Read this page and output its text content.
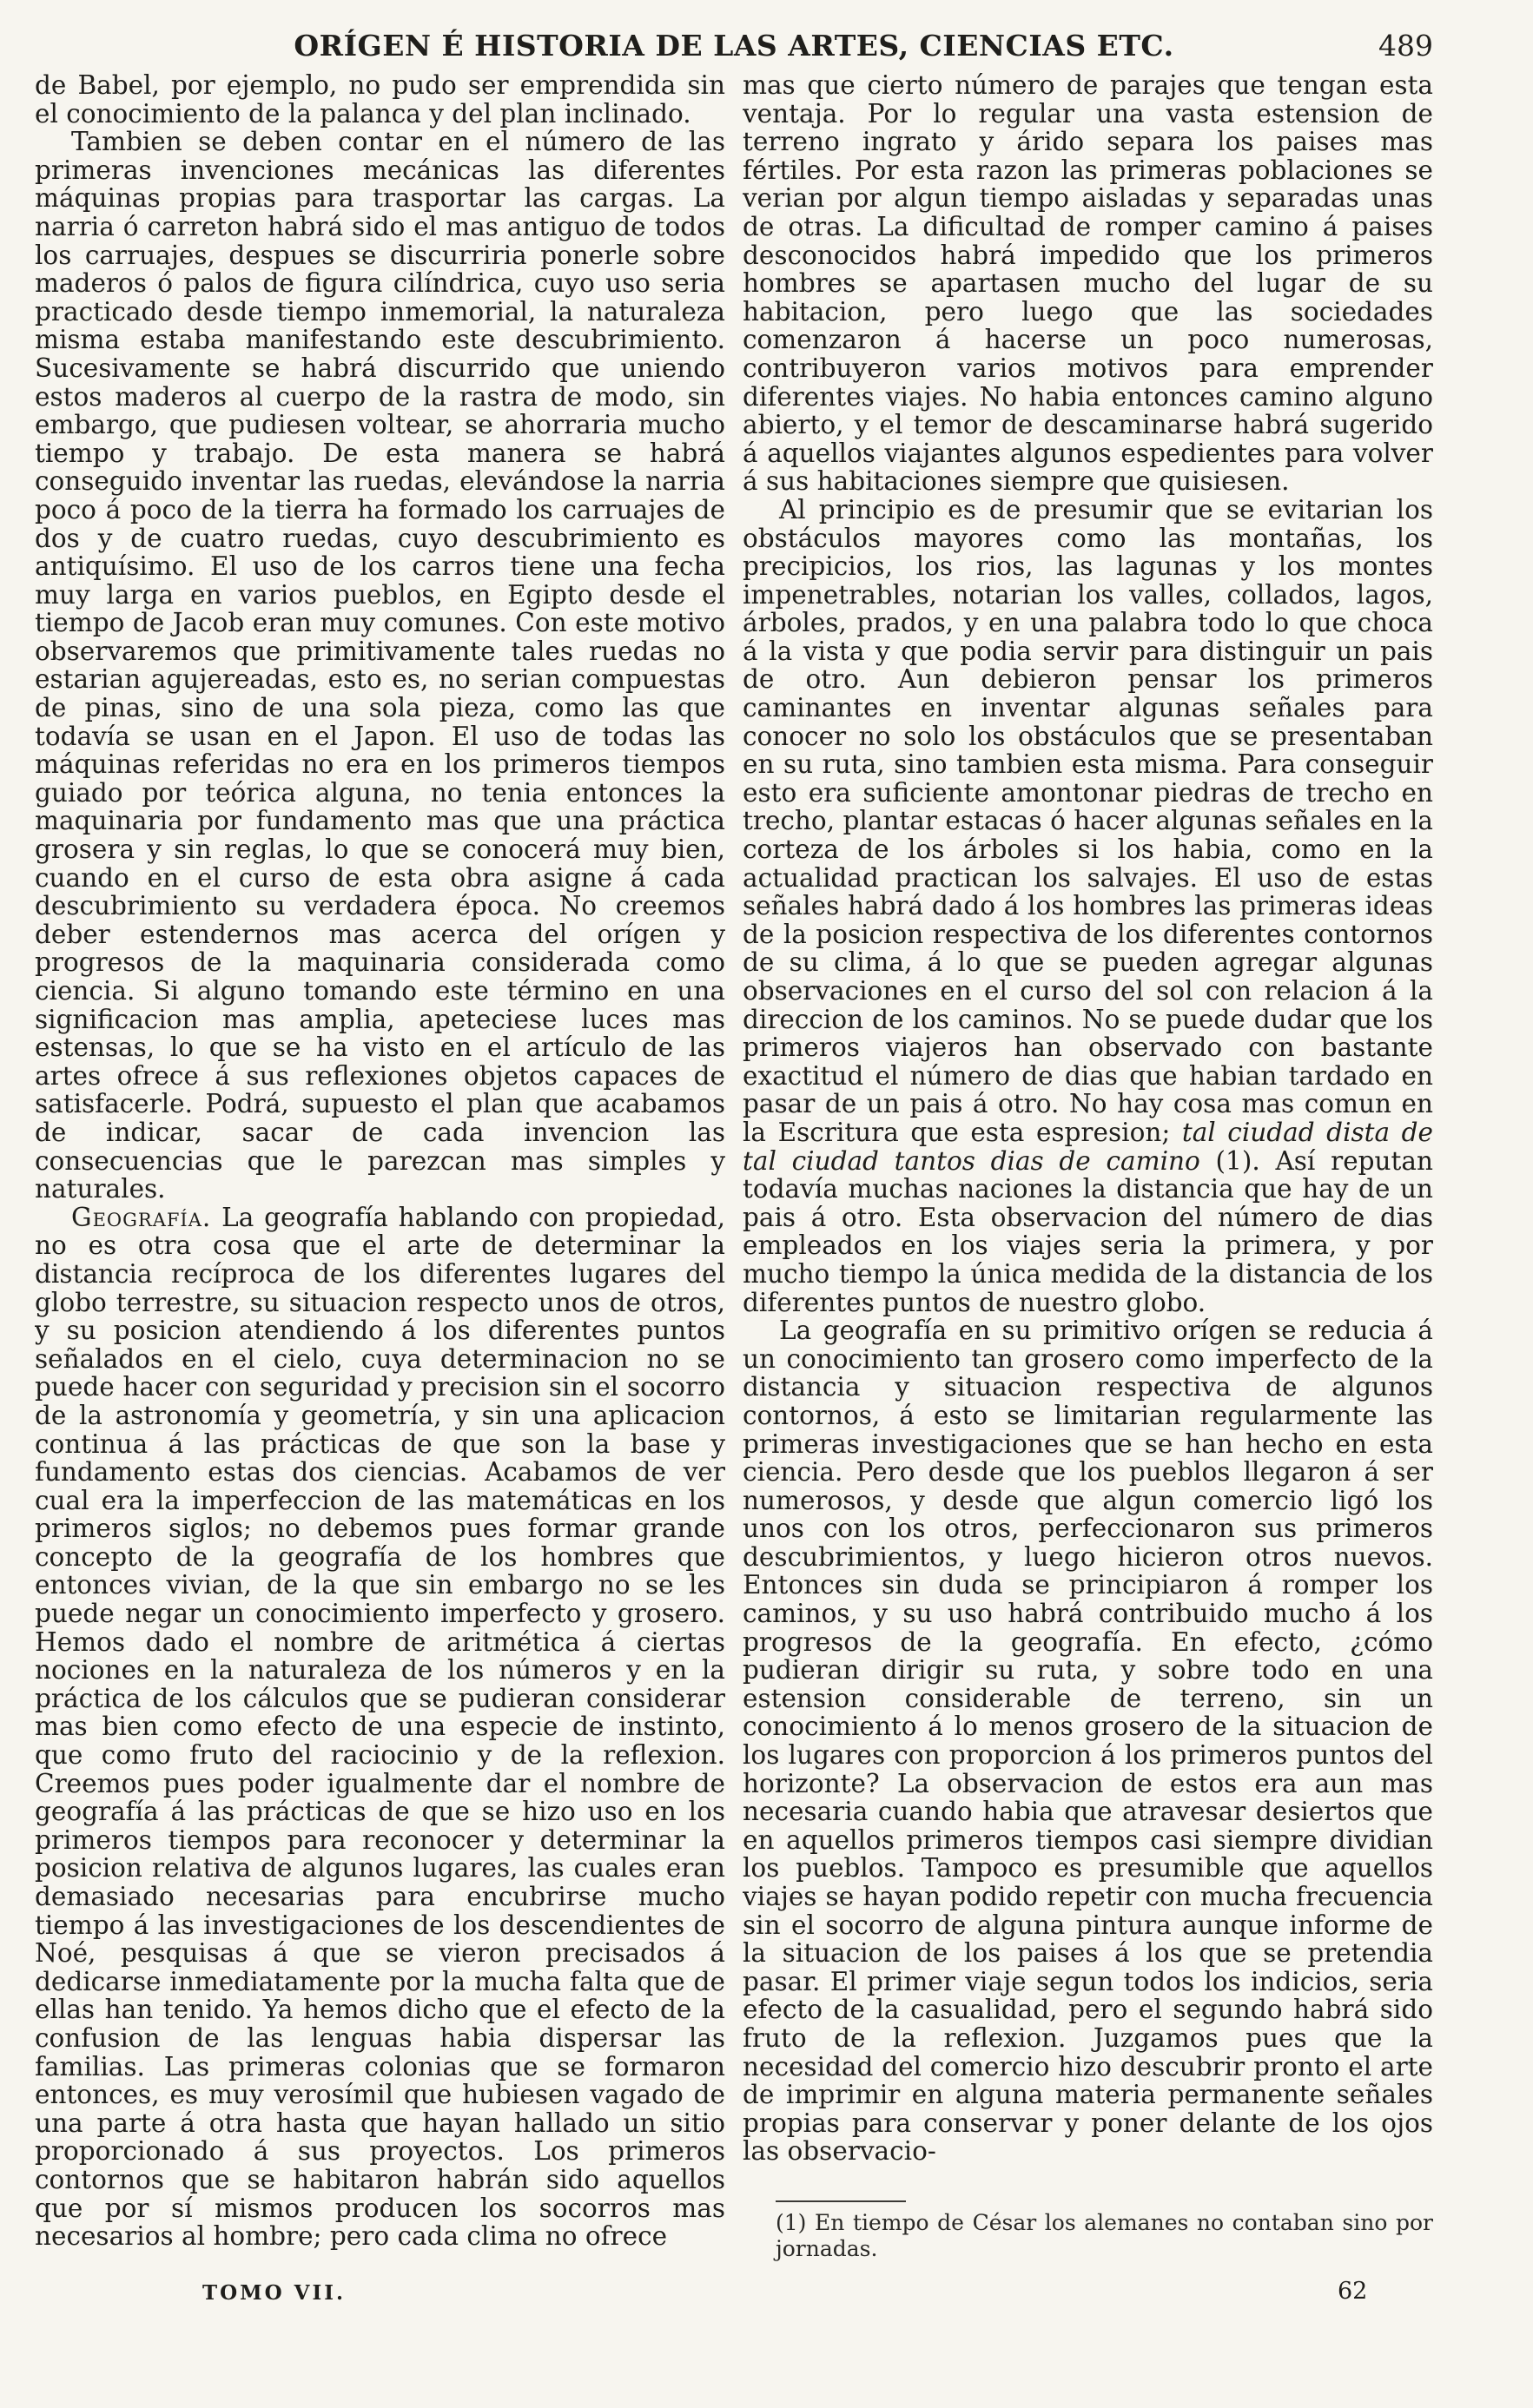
ORÍGEN É HISTORIA DE LAS ARTES, CIENCIAS ETC.	489

de Babel, por ejemplo, no pudo ser emprendida sin el conocimiento de la palanca y del plan inclinado.

Tambien se deben contar en el número de las primeras invenciones mecánicas las diferentes máquinas propias para trasportar las cargas. La narria ó carreton habrá sido el mas antiguo de todos los carruajes, despues se discurriria ponerle sobre maderos ó palos de figura cilíndrica, cuyo uso seria practicado desde tiempo inmemorial, la naturaleza misma estaba manifestando este descubrimiento. Sucesivamente se habrá discurrido que uniendo estos maderos al cuerpo de la rastra de modo, sin embargo, que pudiesen voltear, se ahorraria mucho tiempo y trabajo. De esta manera se habrá conseguido inventar las ruedas, elevándose la narria poco á poco de la tierra ha formado los carruajes de dos y de cuatro ruedas, cuyo descubrimiento es antiquísimo. El uso de los carros tiene una fecha muy larga en varios pueblos, en Egipto desde el tiempo de Jacob eran muy comunes. Con este motivo observaremos que primitivamente tales ruedas no estarian agujereadas, esto es, no serian compuestas de pinas, sino de una sola pieza, como las que todavía se usan en el Japon. El uso de todas las máquinas referidas no era en los primeros tiempos guiado por teórica alguna, no tenia entonces la maquinaria por fundamento mas que una práctica grosera y sin reglas, lo que se conocerá muy bien, cuando en el curso de esta obra asigne á cada descubrimiento su verdadera época. No creemos deber estendernos mas acerca del orígen y progresos de la maquinaria considerada como ciencia. Si alguno tomando este término en una significacion mas amplia, apeteciese luces mas estensas, lo que se ha visto en el artículo de las artes ofrece á sus reflexiones objetos capaces de satisfacerle. Podrá, supuesto el plan que acabamos de indicar, sacar de cada invencion las consecuencias que le parezcan mas simples y naturales.

Geografía. La geografía hablando con propiedad, no es otra cosa que el arte de determinar la distancia recíproca de los diferentes lugares del globo terrestre, su situacion respecto unos de otros, y su posicion atendiendo á los diferentes puntos señalados en el cielo, cuya determinacion no se puede hacer con seguridad y precision sin el socorro de la astronomía y geometría, y sin una aplicacion continua á las prácticas de que son la base y fundamento estas dos ciencias. Acabamos de ver cual era la imperfeccion de las matemáticas en los primeros siglos; no debemos pues formar grande concepto de la geografía de los hombres que entonces vivian, de la que sin embargo no se les puede negar un conocimiento imperfecto y grosero. Hemos dado el nombre de aritmética á ciertas nociones en la naturaleza de los números y en la práctica de los cálculos que se pudieran considerar mas bien como efecto de una especie de instinto, que como fruto del raciocinio y de la reflexion. Creemos pues poder igualmente dar el nombre de geografía á las prácticas de que se hizo uso en los primeros tiempos para reconocer y determinar la posicion relativa de algunos lugares, las cuales eran demasiado necesarias para encubrirse mucho tiempo á las investigaciones de los descendientes de Noé, pesquisas á que se vieron precisados á dedicarse inmediatamente por la mucha falta que de ellas han tenido. Ya hemos dicho que el efecto de la confusion de las lenguas habia dispersar las familias. Las primeras colonias que se formaron entonces, es muy verosímil que hubiesen vagado de una parte á otra hasta que hayan hallado un sitio proporcionado á sus proyectos. Los primeros contornos que se habitaron habrán sido aquellos que por sí mismos producen los socorros mas necesarios al hombre; pero cada clima no ofrece

mas que cierto número de parajes que tengan esta ventaja. Por lo regular una vasta estension de terreno ingrato y árido separa los paises mas fértiles. Por esta razon las primeras poblaciones se verian por algun tiempo aisladas y separadas unas de otras. La dificultad de romper camino á paises desconocidos habrá impedido que los primeros hombres se apartasen mucho del lugar de su habitacion, pero luego que las sociedades comenzaron á hacerse un poco numerosas, contribuyeron varios motivos para emprender diferentes viajes. No habia entonces camino alguno abierto, y el temor de descaminarse habrá sugerido á aquellos viajantes algunos espedientes para volver á sus habitaciones siempre que quisiesen.

Al principio es de presumir que se evitarian los obstáculos mayores como las montañas, los precipicios, los rios, las lagunas y los montes impenetrables, notarian los valles, collados, lagos, árboles, prados, y en una palabra todo lo que choca á la vista y que podia servir para distinguir un pais de otro. Aun debieron pensar los primeros caminantes en inventar algunas señales para conocer no solo los obstáculos que se presentaban en su ruta, sino tambien esta misma. Para conseguir esto era suficiente amontonar piedras de trecho en trecho, plantar estacas ó hacer algunas señales en la corteza de los árboles si los habia, como en la actualidad practican los salvajes. El uso de estas señales habrá dado á los hombres las primeras ideas de la posicion respectiva de los diferentes contornos de su clima, á lo que se pueden agregar algunas observaciones en el curso del sol con relacion á la direccion de los caminos. No se puede dudar que los primeros viajeros han observado con bastante exactitud el número de dias que habian tardado en pasar de un pais á otro. No hay cosa mas comun en la Escritura que esta espresion; tal ciudad dista de tal ciudad tantos dias de camino (1). Así reputan todavía muchas naciones la distancia que hay de un pais á otro. Esta observacion del número de dias empleados en los viajes seria la primera, y por mucho tiempo la única medida de la distancia de los diferentes puntos de nuestro globo.

La geografía en su primitivo orígen se reducia á un conocimiento tan grosero como imperfecto de la distancia y situacion respectiva de algunos contornos, á esto se limitarian regularmente las primeras investigaciones que se han hecho en esta ciencia. Pero desde que los pueblos llegaron á ser numerosos, y desde que algun comercio ligó los unos con los otros, perfeccionaron sus primeros descubrimientos, y luego hicieron otros nuevos. Entonces sin duda se principiaron á romper los caminos, y su uso habrá contribuido mucho á los progresos de la geografía. En efecto, ¿cómo pudieran dirigir su ruta, y sobre todo en una estension considerable de terreno, sin un conocimiento á lo menos grosero de la situacion de los lugares con proporcion á los primeros puntos del horizonte? La observacion de estos era aun mas necesaria cuando habia que atravesar desiertos que en aquellos primeros tiempos casi siempre dividian los pueblos. Tampoco es presumible que aquellos viajes se hayan podido repetir con mucha frecuencia sin el socorro de alguna pintura aunque informe de la situacion de los paises á los que se pretendia pasar. El primer viaje segun todos los indicios, seria efecto de la casualidad, pero el segundo habrá sido fruto de la reflexion. Juzgamos pues que la necesidad del comercio hizo descubrir pronto el arte de imprimir en alguna materia permanente señales propias para conservar y poner delante de los ojos las observacio-

(1) En tiempo de César los alemanes no contaban sino por jornadas.
TOMO VII.	62
